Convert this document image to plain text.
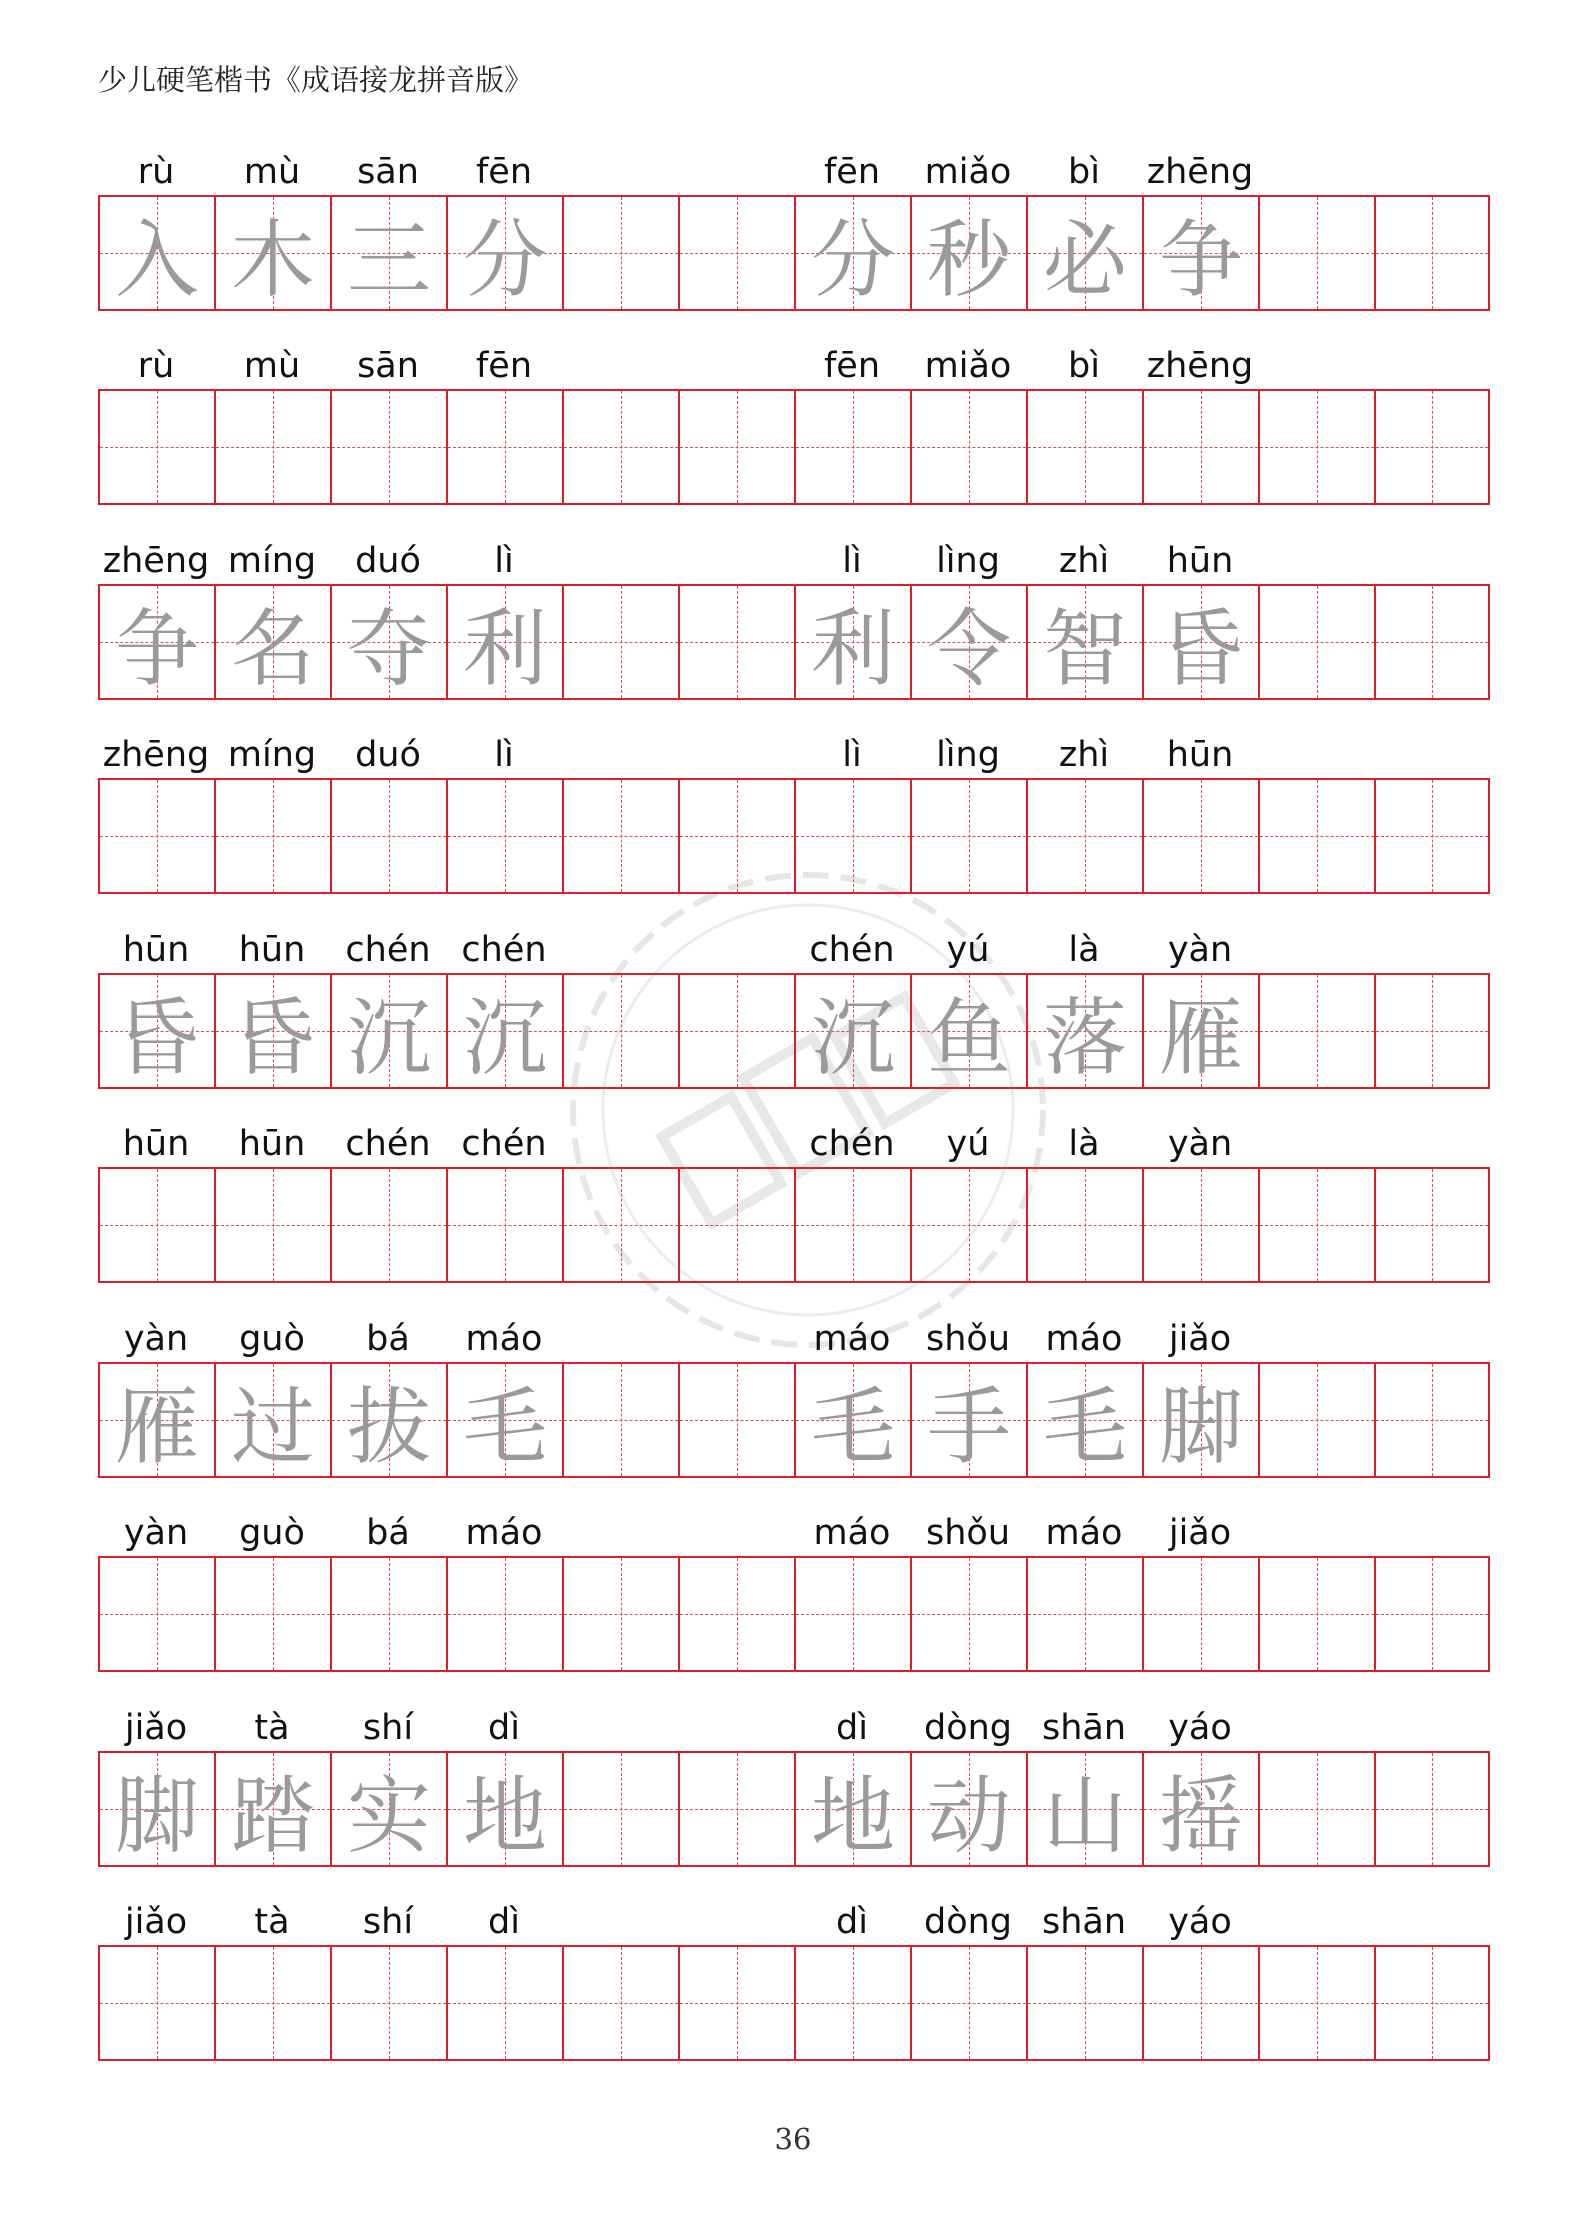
少儿硬笔楷书《成语接龙拼音版》
rù	mù	sān	fēn	fēn	miǎo	bì	zhēng
入 木 三 分	分 秒 必 争
rù	mù	sān	fēn	fēn	miǎo	bì	zhēng
zhēng míng	duó	lì	lì	lìng	zhì	hūn
争 名 夺 利	利 令 智 昏
zhēng míng	duó	lì	lì	lìng	zhì	hūn
hūn	hūn	chén chén	chén	yú	là	yàn
昏 昏 沉 沉	沉 鱼 落 雁
hūn	hūn	chén chén	chén	yú	là	yàn
yàn	guò	bá	máo	máo	shǒu	máo	jiǎo
雁 过 拔 毛	毛 手 毛 脚
yàn	guò	bá	máo	máo	shǒu	máo	jiǎo
jiǎo	tà	shí	dì	dì	dòng shān	yáo
脚 踏 实 地	地 动 山 摇
jiǎo	tà	shí	dì	dì	dòng shān	yáo
36
